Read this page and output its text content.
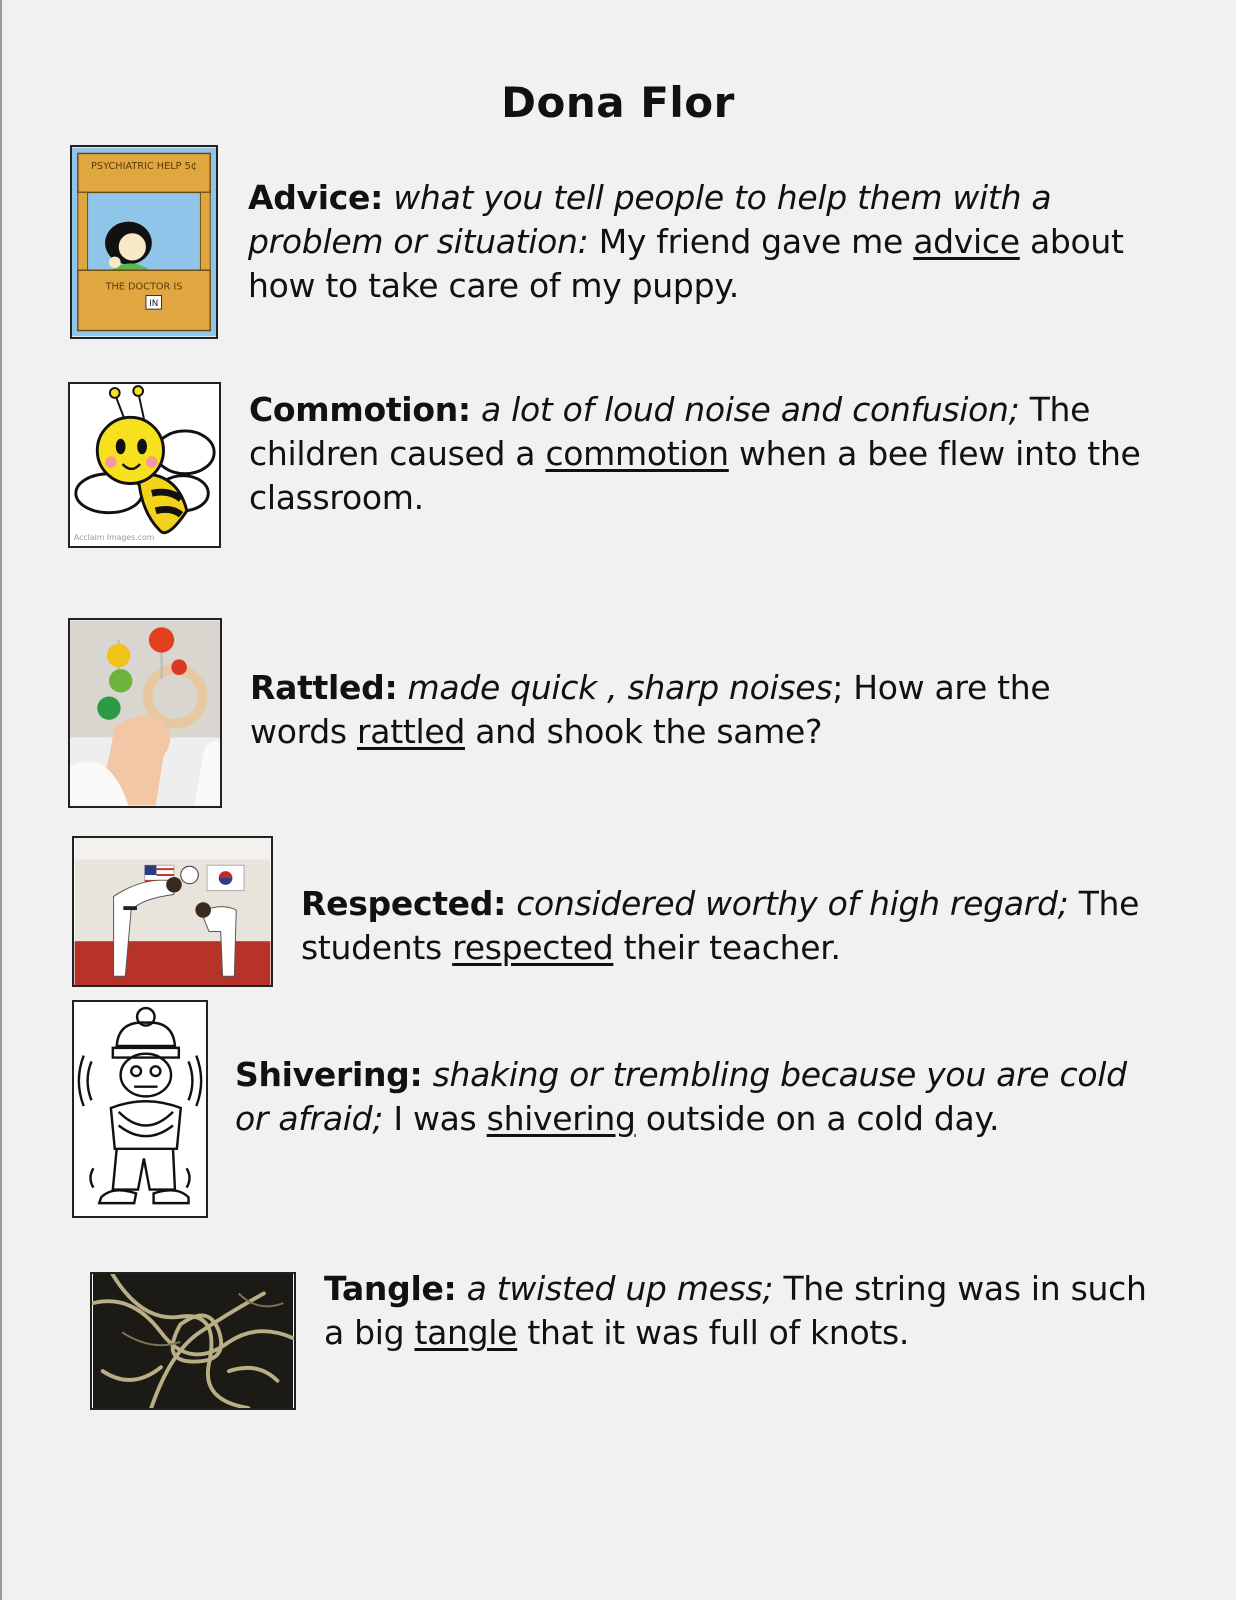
Dona Flor
PSYCHIATRIC HELP 5¢
THE DOCTOR IS
IN
Advice: what you tell people to help them with a problem or situation: My friend gave me advice about how to take care of my puppy.
Acclaim Images.com
Commotion: a lot of loud noise and confusion; The children caused a commotion when a bee flew into the classroom.
Rattled: made quick , sharp noises; How are the words rattled and shook the same?
Respected: considered worthy of high regard; The students respected their teacher.
Shivering: shaking or trembling because you are cold or afraid; I was shivering outside on a cold day.
Tangle: a twisted up mess; The string was in such a big tangle that it was full of knots.
